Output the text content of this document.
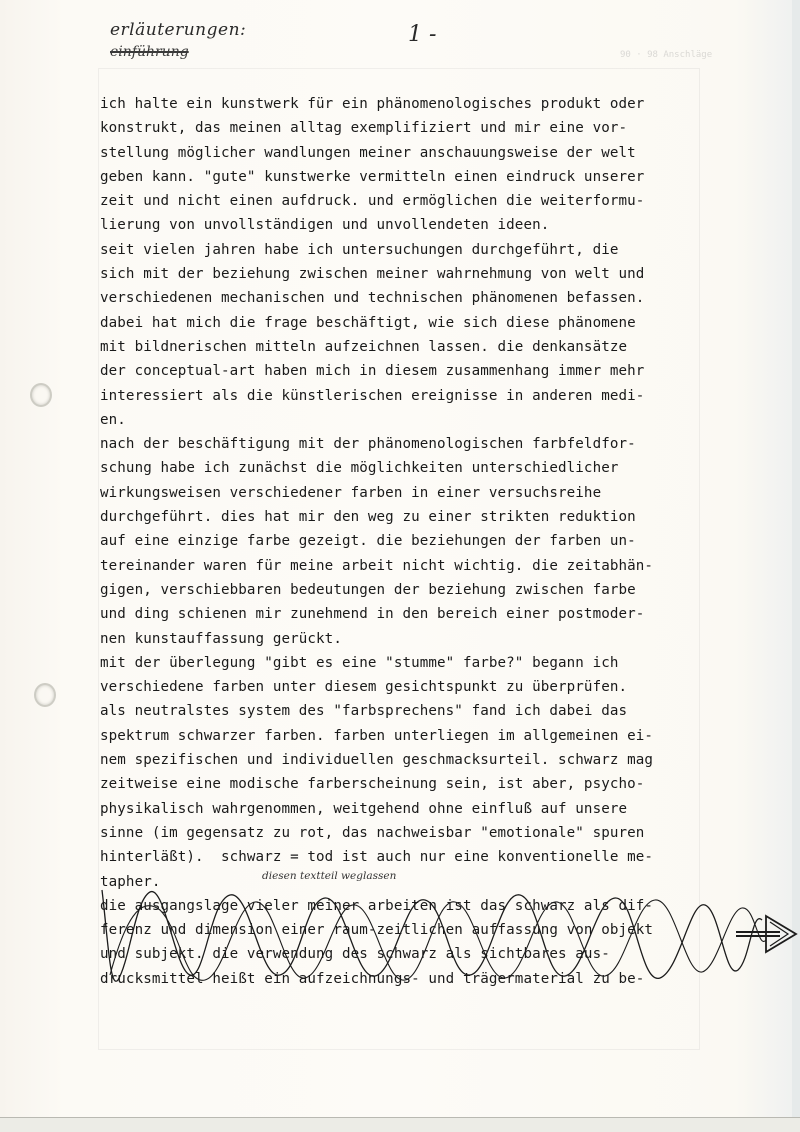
90 · 98 Anschläge
erläuterungen:
einführung
1 -
ich halte ein kunstwerk für ein phänomenologisches produkt oder
konstrukt, das meinen alltag exemplifiziert und mir eine vor-
stellung möglicher wandlungen meiner anschauungsweise der welt
geben kann. "gute" kunstwerke vermitteln einen eindruck unserer
zeit und nicht einen aufdruck. und ermöglichen die weiterformu-
lierung von unvollständigen und unvollendeten ideen.
seit vielen jahren habe ich untersuchungen durchgeführt, die
sich mit der beziehung zwischen meiner wahrnehmung von welt und
verschiedenen mechanischen und technischen phänomenen befassen.
dabei hat mich die frage beschäftigt, wie sich diese phänomene
mit bildnerischen mitteln aufzeichnen lassen. die denkansätze
der conceptual-art haben mich in diesem zusammenhang immer mehr
interessiert als die künstlerischen ereignisse in anderen medi-
en.
nach der beschäftigung mit der phänomenologischen farbfeldfor-
schung habe ich zunächst die möglichkeiten unterschiedlicher
wirkungsweisen verschiedener farben in einer versuchsreihe
durchgeführt. dies hat mir den weg zu einer strikten reduktion
auf eine einzige farbe gezeigt. die beziehungen der farben un-
tereinander waren für meine arbeit nicht wichtig. die zeitabhän-
gigen, verschiebbaren bedeutungen der beziehung zwischen farbe
und ding schienen mir zunehmend in den bereich einer postmoder-
nen kunstauffassung gerückt.
mit der überlegung "gibt es eine "stumme" farbe?" begann ich
verschiedene farben unter diesem gesichtspunkt zu überprüfen.
als neutralstes system des "farbsprechens" fand ich dabei das
spektrum schwarzer farben. farben unterliegen im allgemeinen ei-
nem spezifischen und individuellen geschmacksurteil. schwarz mag
zeitweise eine modische farberscheinung sein, ist aber, psycho-
physikalisch wahrgenommen, weitgehend ohne einfluß auf unsere
sinne (im gegensatz zu rot, das nachweisbar "emotionale" spuren
hinterläßt).  schwarz = tod ist auch nur eine konventionelle me-
tapher.
die ausgangslage vieler meiner arbeiten ist das schwarz als dif-
ferenz und dimension einer raum-zeitlichen auffassung von objekt
und subjekt. die verwendung des schwarz als sichtbares aus-
drucksmittel heißt ein aufzeichnungs- und trägermaterial zu be-
diesen textteil weglassen
